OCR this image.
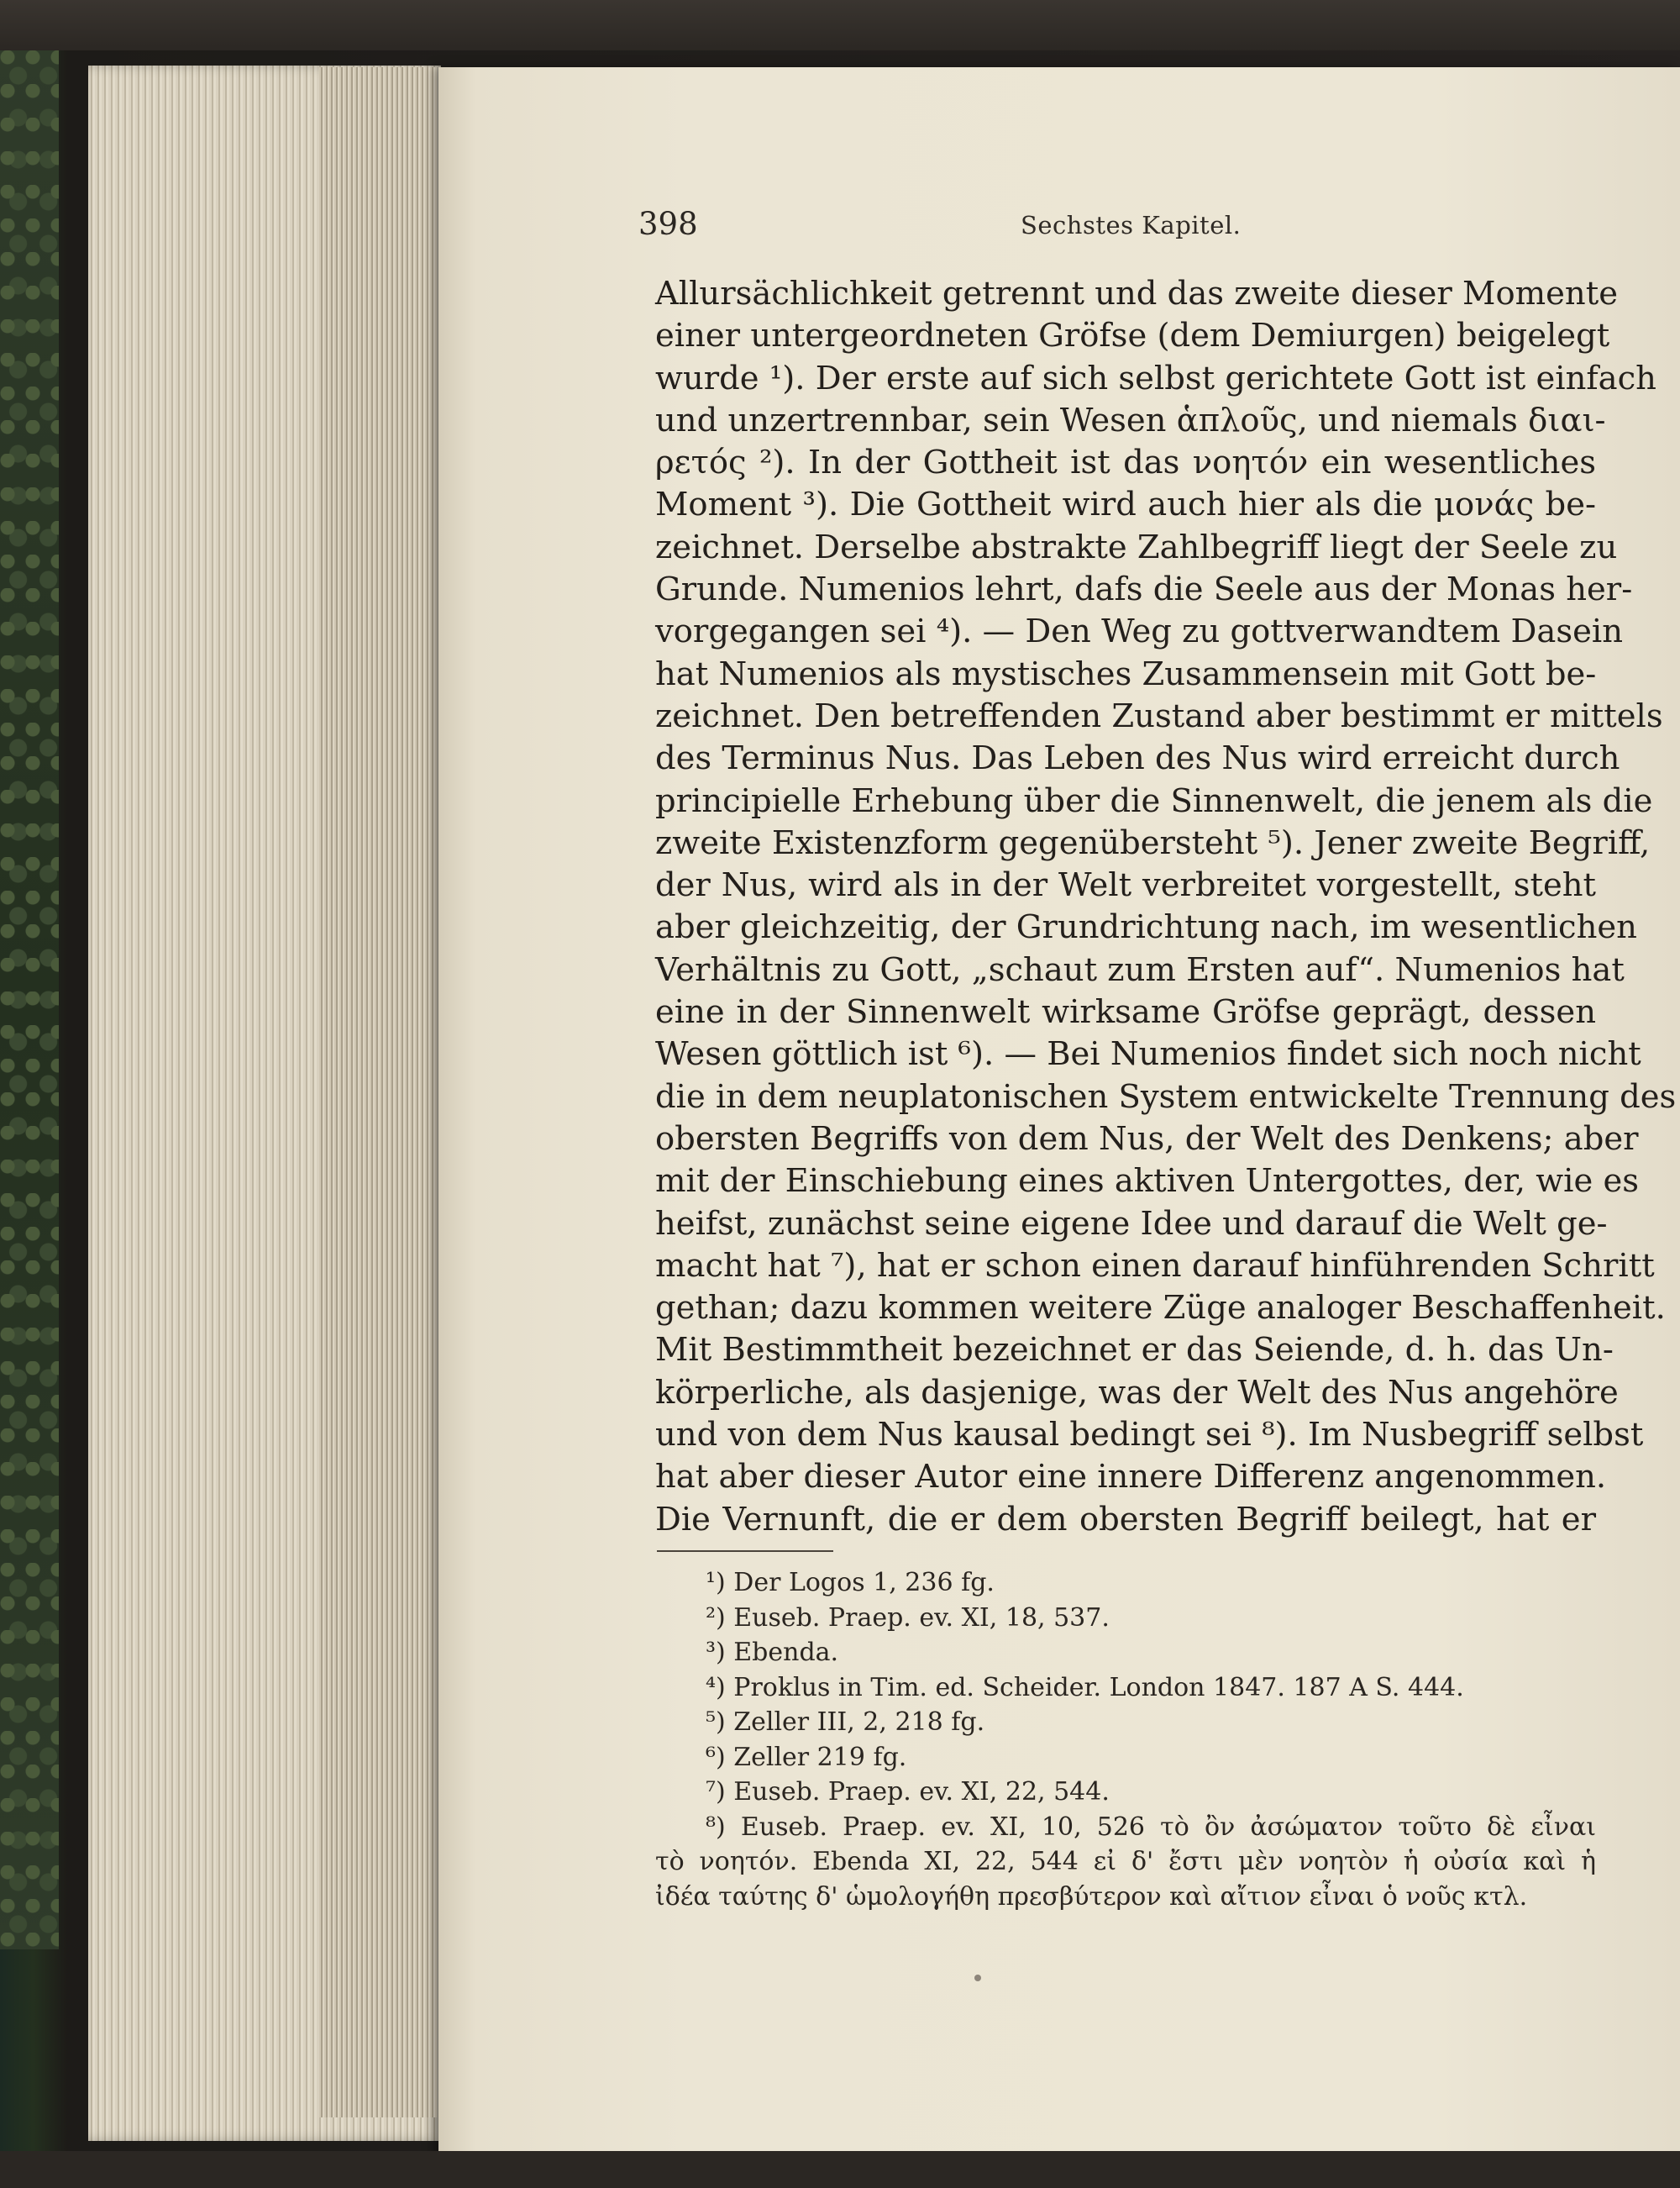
398	Sechstes Kapitel.
Allursächlichkeit getrennt und das zweite dieser Momente
einer untergeordneten Gröfse (dem Demiurgen) beigelegt
wurde ¹). Der erste auf sich selbst gerichtete Gott ist einfach
und unzertrennbar, sein Wesen ἁπλοῦς, und niemals διαι-
ρετός ²). In der Gottheit ist das νοητόν ein wesentliches
Moment ³). Die Gottheit wird auch hier als die μονάς be-
zeichnet. Derselbe abstrakte Zahlbegriff liegt der Seele zu
Grunde. Numenios lehrt, dafs die Seele aus der Monas her-
vorgegangen sei ⁴). — Den Weg zu gottverwandtem Dasein
hat Numenios als mystisches Zusammensein mit Gott be-
zeichnet. Den betreffenden Zustand aber bestimmt er mittels
des Terminus Nus. Das Leben des Nus wird erreicht durch
principielle Erhebung über die Sinnenwelt, die jenem als die
zweite Existenzform gegenübersteht ⁵). Jener zweite Begriff,
der Nus, wird als in der Welt verbreitet vorgestellt, steht
aber gleichzeitig, der Grundrichtung nach, im wesentlichen
Verhältnis zu Gott, „schaut zum Ersten auf“. Numenios hat
eine in der Sinnenwelt wirksame Gröfse geprägt, dessen
Wesen göttlich ist ⁶). — Bei Numenios findet sich noch nicht
die in dem neuplatonischen System entwickelte Trennung des
obersten Begriffs von dem Nus, der Welt des Denkens; aber
mit der Einschiebung eines aktiven Untergottes, der, wie es
heifst, zunächst seine eigene Idee und darauf die Welt ge-
macht hat ⁷), hat er schon einen darauf hinführenden Schritt
gethan; dazu kommen weitere Züge analoger Beschaffenheit.
Mit Bestimmtheit bezeichnet er das Seiende, d. h. das Un-
körperliche, als dasjenige, was der Welt des Nus angehöre
und von dem Nus kausal bedingt sei ⁸). Im Nusbegriff selbst
hat aber dieser Autor eine innere Differenz angenommen.
Die Vernunft, die er dem obersten Begriff beilegt, hat er
¹) Der Logos 1, 236 fg.
²) Euseb. Praep. ev. XI, 18, 537.
³) Ebenda.
⁴) Proklus in Tim. ed. Scheider. London 1847. 187 A S. 444.
⁵) Zeller III, 2, 218 fg.
⁶) Zeller 219 fg.
⁷) Euseb. Praep. ev. XI, 22, 544.
⁸) Euseb. Praep. ev. XI, 10, 526 τὸ ὂν ἀσώματον τοῦτο δὲ εἶναι
τὸ νοητόν. Ebenda XI, 22, 544 εἰ δ' ἔστι μὲν νοητὸν ἡ οὐσία καὶ ἡ
ἰδέα ταύτης δ' ὡμολογήθη πρεσβύτερον καὶ αἴτιον εἶναι ὁ νοῦς κτλ.
